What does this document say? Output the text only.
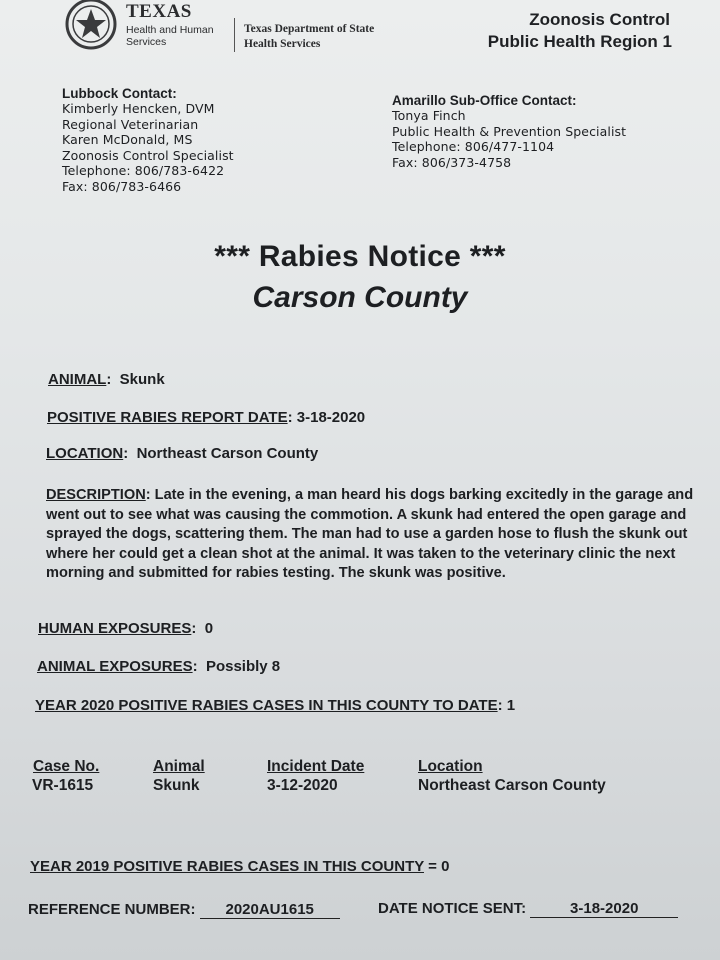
TEXAS
Health and Human
Services
Texas Department of State
Health Services
Zoonosis Control
Public Health Region 1
Lubbock Contact:
Kimberly Hencken, DVM
Regional Veterinarian
Karen McDonald, MS
Zoonosis Control Specialist
Telephone: 806/783-6422
Fax: 806/783-6466
Amarillo Sub-Office Contact:
Tonya Finch
Public Health & Prevention Specialist
Telephone: 806/477-1104
Fax: 806/373-4758
*** Rabies Notice ***
Carson County
ANIMAL:  Skunk
POSITIVE RABIES REPORT DATE: 3-18-2020
LOCATION:  Northeast Carson County
DESCRIPTION: Late in the evening, a man heard his dogs barking excitedly in the garage and went out to see what was causing the commotion. A skunk had entered the open garage and sprayed the dogs, scattering them. The man had to use a garden hose to flush the skunk out where her could get a clean shot at the animal. It was taken to the veterinary clinic the next morning and submitted for rabies testing. The skunk was positive.
HUMAN EXPOSURES:  0
ANIMAL EXPOSURES:  Possibly 8
YEAR 2020 POSITIVE RABIES CASES IN THIS COUNTY TO DATE: 1
Case No.	Animal	Incident Date	Location
VR-1615	Skunk	3-12-2020	Northeast Carson County
YEAR 2019 POSITIVE RABIES CASES IN THIS COUNTY = 0
REFERENCE NUMBER: 2020AU1615	DATE NOTICE SENT:	3-18-2020
